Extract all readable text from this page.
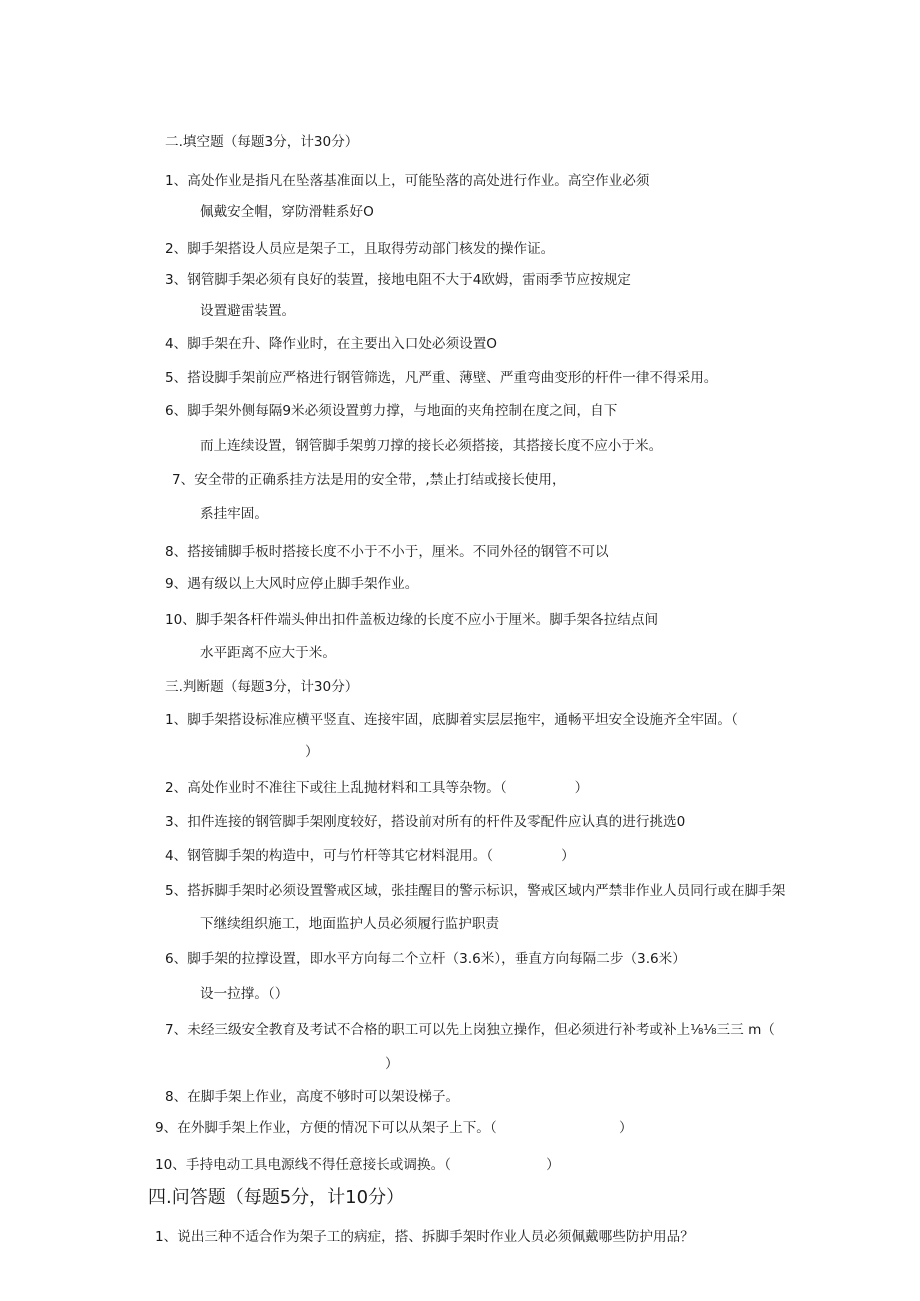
二.填空题（每题3分，计30分）
1、高处作业是指凡在坠落基准面以上，可能坠落的高处进行作业。高空作业必须
佩戴安全帽，穿防滑鞋系好O
2、脚手架搭设人员应是架子工，且取得劳动部门核发的操作证。
3、钢管脚手架必须有良好的装置，接地电阻不大于4欧姆，雷雨季节应按规定
设置避雷装置。
4、脚手架在升、降作业时，在主要出入口处必须设置O
5、搭设脚手架前应严格进行钢管筛选，凡严重、薄壁、严重弯曲变形的杆件一律不得采用。
6、脚手架外侧每隔9米必须设置剪力撑，与地面的夹角控制在度之间，自下
而上连续设置，钢管脚手架剪刀撑的接长必须搭接，其搭接长度不应小于米。
7、安全带的正确系挂方法是用的安全带，,禁止打结或接长使用，
系挂牢固。
8、搭接铺脚手板时搭接长度不小于不小于，厘米。不同外径的钢管不可以
9、遇有级以上大风时应停止脚手架作业。
10、脚手架各杆件端头伸出扣件盖板边缘的长度不应小于厘米。脚手架各拉结点间
水平距离不应大于米。
三.判断题（每题3分，计30分）
1、脚手架搭设标准应横平竖直、连接牢固，底脚着实层层拖牢，通畅平坦安全设施齐全牢固。（
）
2、高处作业时不准往下或往上乱抛材料和工具等杂物。（　　　　　）
3、扣件连接的钢管脚手架刚度较好，搭设前对所有的杆件及零配件应认真的进行挑选0
4、钢管脚手架的构造中，可与竹杆等其它材料混用。（　　　　　）
5、搭拆脚手架时必须设置警戒区域，张挂醒目的警示标识，警戒区域内严禁非作业人员同行或在脚手架
下继续组织施工，地面监护人员必须履行监护职责
6、脚手架的拉撑设置，即水平方向每二个立杆（3.6米），垂直方向每隔二步（3.6米）
设一拉撑。（）
7、未经三级安全教育及考试不合格的职工可以先上岗独立操作，但必须进行补考或补上⅛⅛三三 m（
）
8、在脚手架上作业，高度不够时可以架设梯子。
9、在外脚手架上作业，方便的情况下可以从架子上下。（　　　　　　　　　）
10、手持电动工具电源线不得任意接长或调换。（　　　　　　　）
四.问答题（每题5分，计10分）
1、说出三种不适合作为架子工的病症，搭、拆脚手架时作业人员必须佩戴哪些防护用品？
